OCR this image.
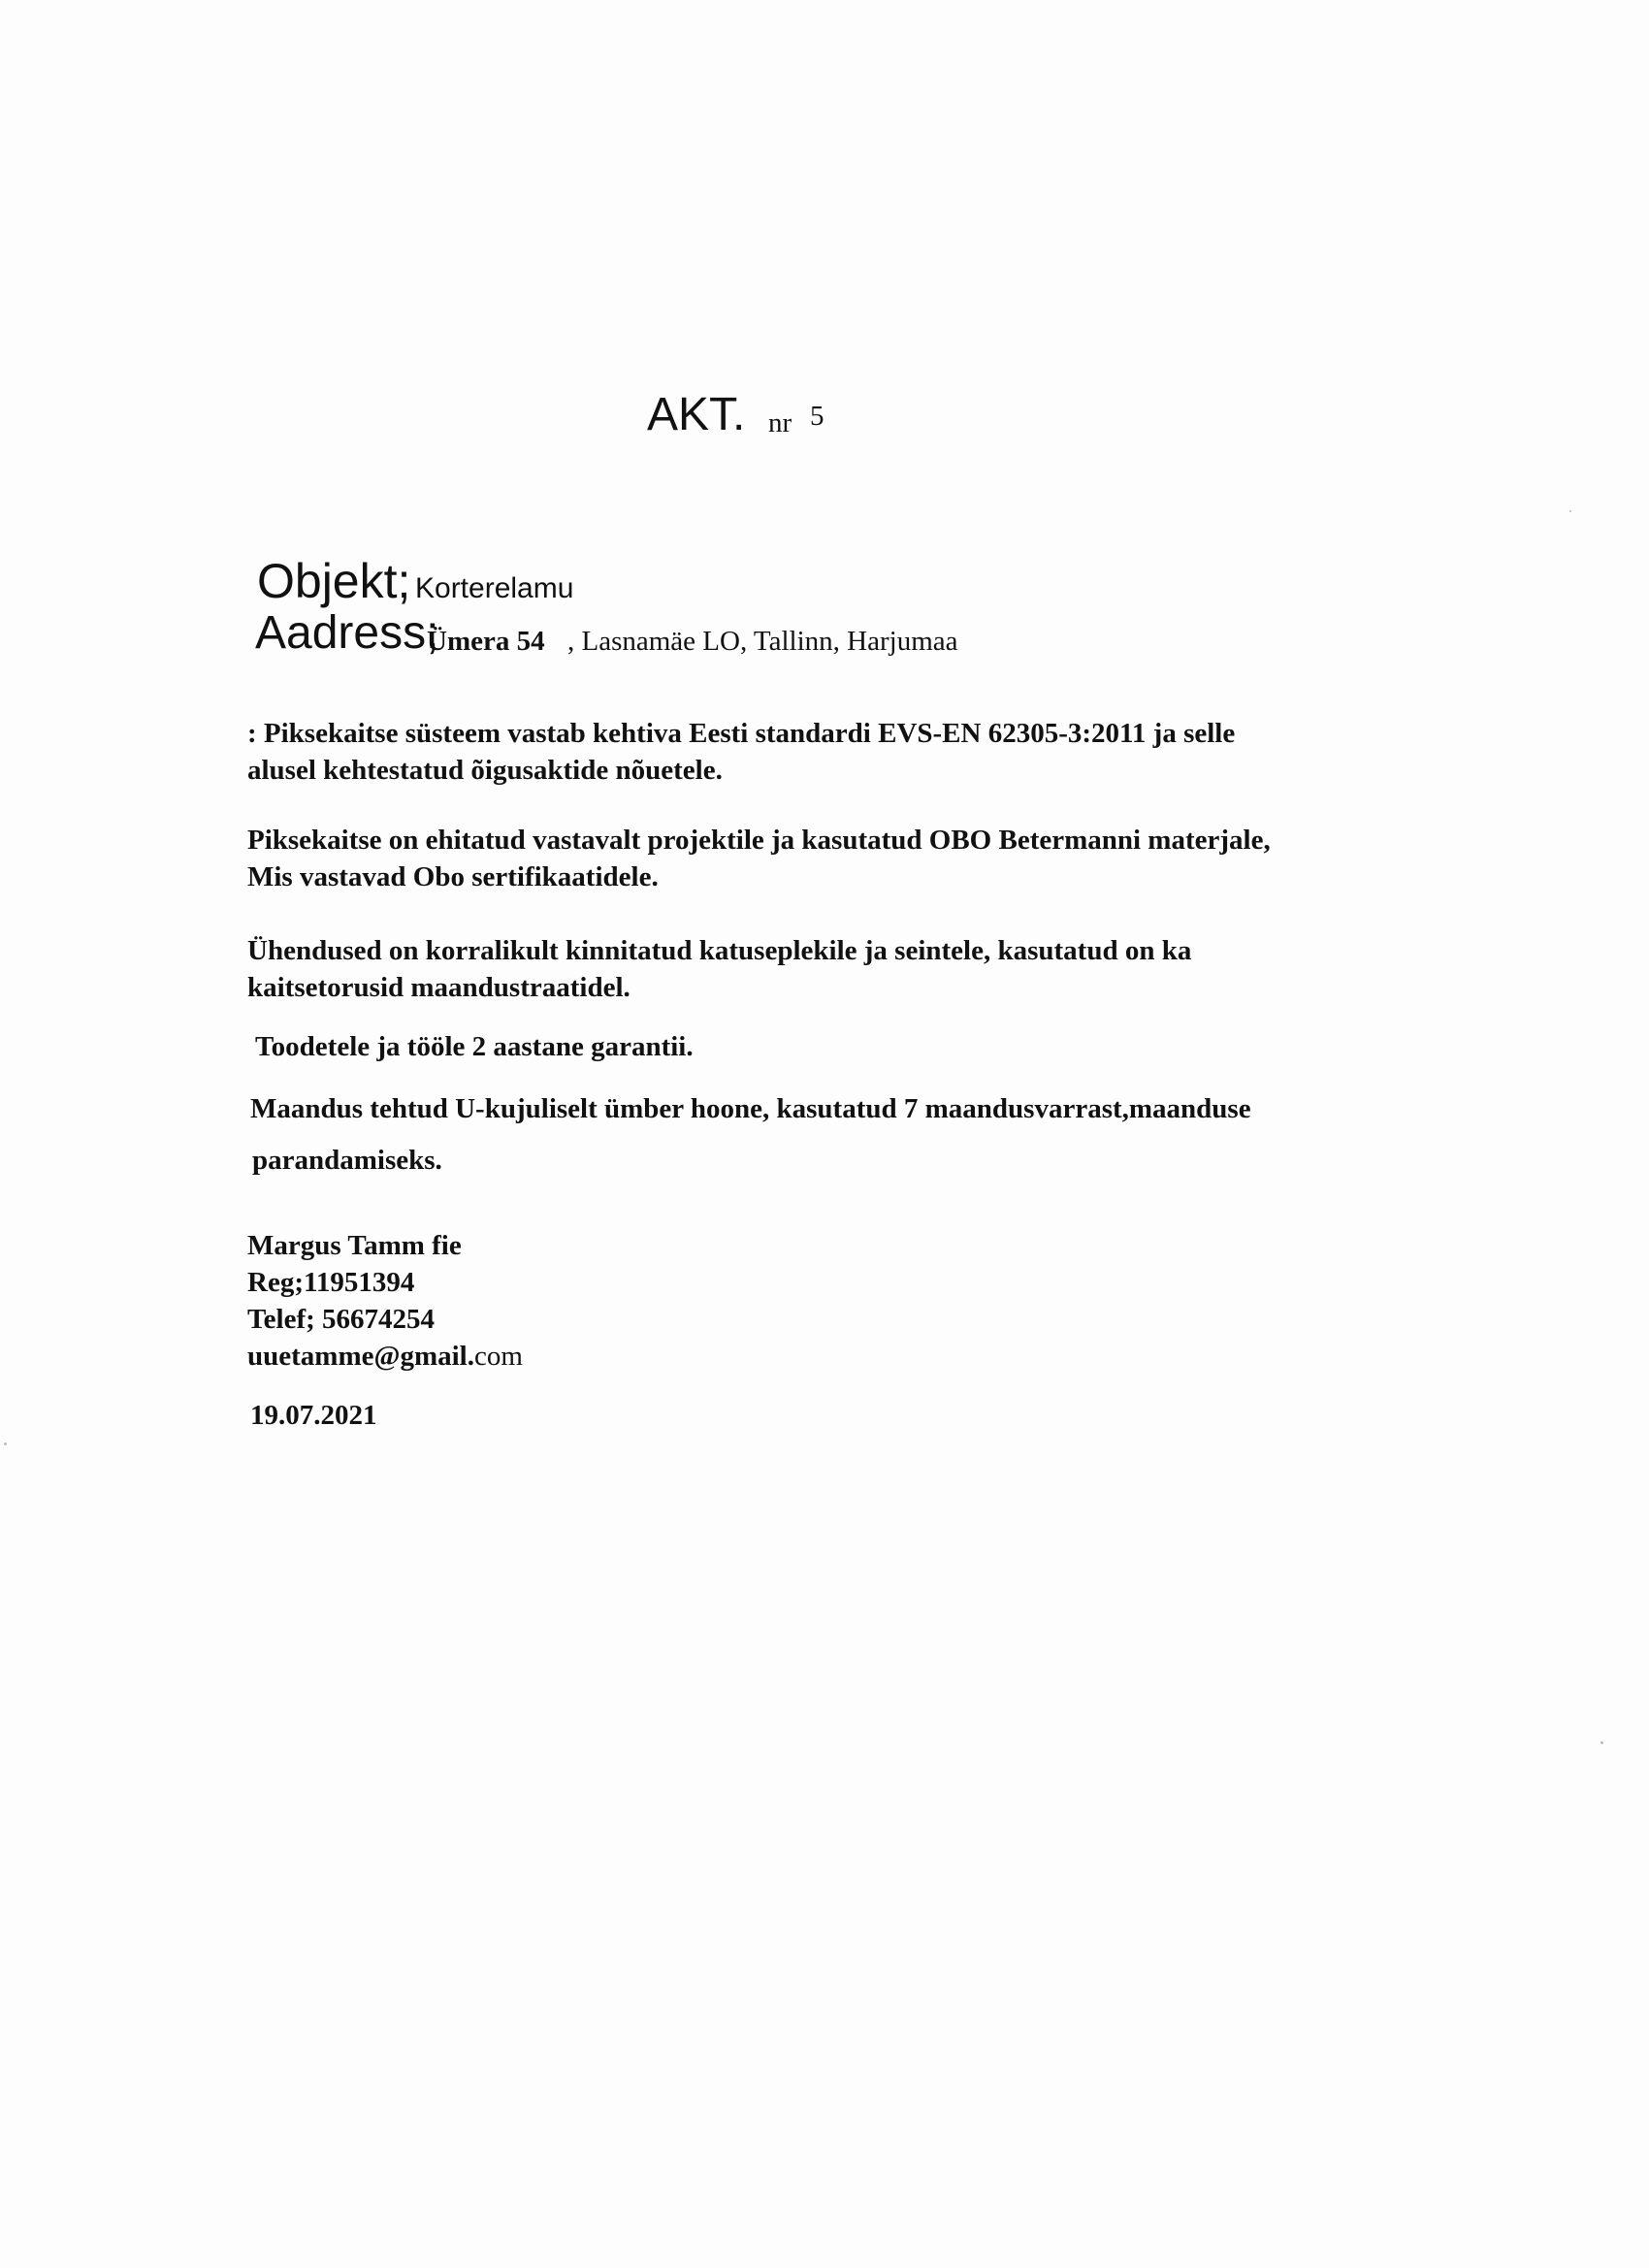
AKT. nr 5
Objekt; Korterelamu
Aadress;
Ümera 54 , Lasnamäe LO, Tallinn, Harjumaa
: Piksekaitse süsteem vastab kehtiva Eesti standardi EVS-EN 62305-3:2011 ja selle
alusel kehtestatud õigusaktide nõuetele.
Piksekaitse on ehitatud vastavalt projektile ja kasutatud OBO Betermanni materjale,
Mis vastavad Obo sertifikaatidele.
Ühendused on korralikult kinnitatud katuseplekile ja seintele, kasutatud on ka
kaitsetorusid maandustraatidel.
Toodetele ja tööle 2 aastane garantii.
Maandus tehtud U-kujuliselt ümber hoone, kasutatud 7 maandusvarrast,maanduse
parandamiseks.
Margus Tamm fie
Reg;11951394
Telef; 56674254
uuetamme@gmail.com
19.07.2021
